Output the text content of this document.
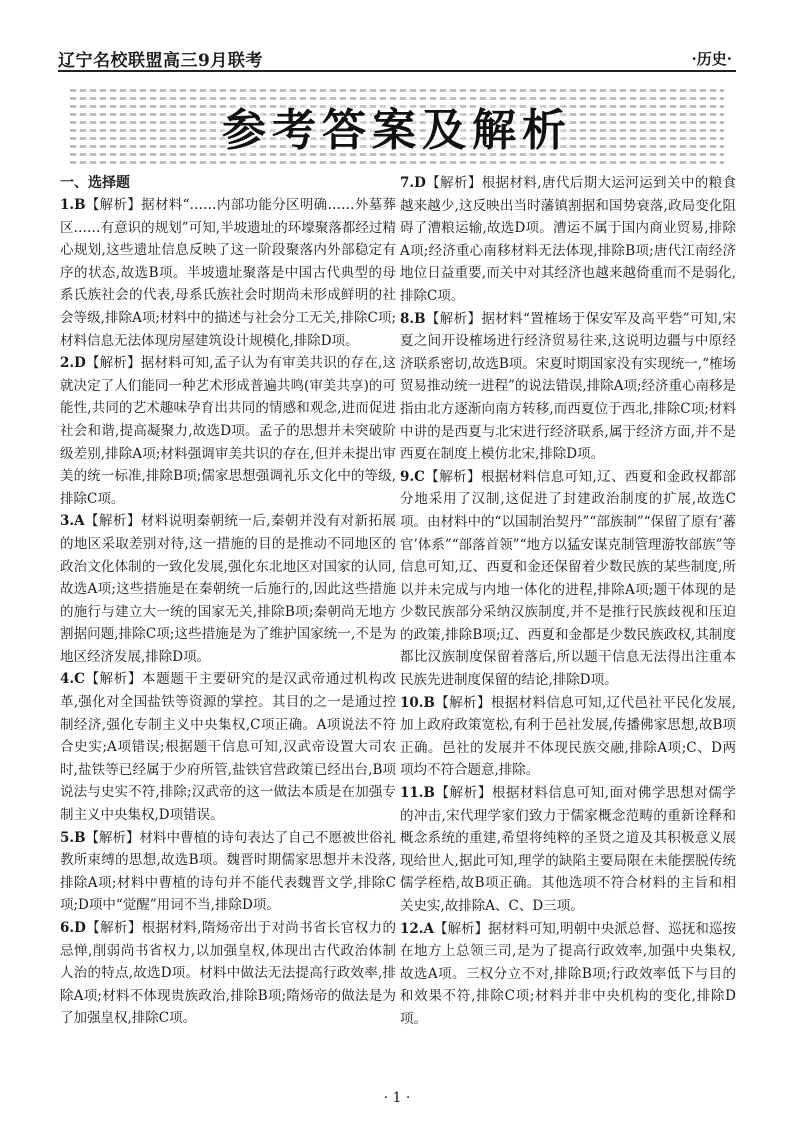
辽宁名校联盟高三9月联考	·历史·
参考答案及解析

一、选择题

1.B【解析】据材料“……内部功能分区明确……外墓葬区……有意识的规划”可知,半坡遗址的环壕聚落都经过精心规划,这些遗址信息反映了这一阶段聚落内外部稳定有序的状态,故选B项。半坡遗址聚落是中国古代典型的母系氏族社会的代表,母系氏族社会时期尚未形成鲜明的社会等级,排除A项;材料中的描述与社会分工无关,排除C项;材料信息无法体现房屋建筑设计规模化,排除D项。

2.D【解析】据材料可知,孟子认为有审美共识的存在,这就决定了人们能同一种艺术形成普遍共鸣(审美共享)的可能性,共同的艺术趣味孕育出共同的情感和观念,进而促进社会和谐,提高凝聚力,故选D项。孟子的思想并未突破阶级差别,排除A项;材料强调审美共识的存在,但并未提出审美的统一标准,排除B项;儒家思想强调礼乐文化中的等级,排除C项。

3.A【解析】材料说明秦朝统一后,秦朝并没有对新拓展的地区采取差别对待,这一措施的目的是推动不同地区的政治文化体制的一致化发展,强化东北地区对国家的认同,故选A项;这些措施是在秦朝统一后施行的,因此这些措施的施行与建立大一统的国家无关,排除B项;秦朝尚无地方割据问题,排除C项;这些措施是为了维护国家统一,不是为地区经济发展,排除D项。

4.C【解析】本题题干主要研究的是汉武帝通过机构改革,强化对全国盐铁等资源的掌控。其目的之一是通过控制经济,强化专制主义中央集权,C项正确。A项说法不符合史实;A项错误;根据题干信息可知,汉武帝设置大司农时,盐铁等已经属于少府所管,盐铁官营政策已经出台,B项说法与史实不符,排除;汉武帝的这一做法本质是在加强专制主义中央集权,D项错误。

5.B【解析】材料中曹植的诗句表达了自己不愿被世俗礼教所束缚的思想,故选B项。魏晋时期儒家思想并未没落,排除A项;材料中曹植的诗句并不能代表魏晋文学,排除C项;D项中“觉醒”用词不当,排除D项。

6.D【解析】根据材料,隋炀帝出于对尚书省长官权力的忌惮,削弱尚书省权力,以加强皇权,体现出古代政治体制人治的特点,故选D项。材料中做法无法提高行政效率,排除A项;材料不体现贵族政治,排除B项;隋炀帝的做法是为了加强皇权,排除C项。

7.D【解析】根据材料,唐代后期大运河运到关中的粮食越来越少,这反映出当时藩镇割据和国势衰落,政局变化阻碍了漕粮运输,故选D项。漕运不属于国内商业贸易,排除A项;经济重心南移材料无法体现,排除B项;唐代江南经济地位日益重要,而关中对其经济也越来越倚重而不是弱化,排除C项。

8.B【解析】据材料“置榷场于保安军及高平砦”可知,宋夏之间开设榷场进行经济贸易往来,这说明边疆与中原经济联系密切,故选B项。宋夏时期国家没有实现统一,“榷场贸易推动统一进程”的说法错误,排除A项;经济重心南移是指由北方逐渐向南方转移,而西夏位于西北,排除C项;材料中讲的是西夏与北宋进行经济联系,属于经济方面,并不是西夏在制度上模仿北宋,排除D项。

9.C【解析】根据材料信息可知,辽、西夏和金政权都部分地采用了汉制,这促进了封建政治制度的扩展,故选C项。由材料中的“以国制治契丹”“部族制”“保留了原有‘蕃官’体系”“部落首领”“地方以猛安谋克制管理游牧部族”等信息可知,辽、西夏和金还保留着少数民族的某些制度,所以并未完成与内地一体化的进程,排除A项;题干体现的是少数民族部分采纳汉族制度,并不是推行民族歧视和压迫的政策,排除B项;辽、西夏和金都是少数民族政权,其制度都比汉族制度保留着落后,所以题干信息无法得出注重本民族先进制度保留的结论,排除D项。

10.B【解析】根据材料信息可知,辽代邑社平民化发展,加上政府政策宽松,有利于邑社发展,传播佛家思想,故B项正确。邑社的发展并不体现民族交融,排除A项;C、D两项均不符合题意,排除。

11.B【解析】根据材料信息可知,面对佛学思想对儒学的冲击,宋代理学家们致力于儒家概念范畴的重新诠释和概念系统的重建,希望将纯粹的圣贤之道及其积极意义展现给世人,据此可知,理学的缺陷主要局限在未能摆脱传统儒学桎梏,故B项正确。其他选项不符合材料的主旨和相关史实,故排除A、C、D三项。

12.A【解析】据材料可知,明朝中央派总督、巡抚和巡按在地方上总领三司,是为了提高行政效率,加强中央集权,故选A项。三权分立不对,排除B项;行政效率低下与目的和效果不符,排除C项;材料并非中央机构的变化,排除D项。

· 1 ·
